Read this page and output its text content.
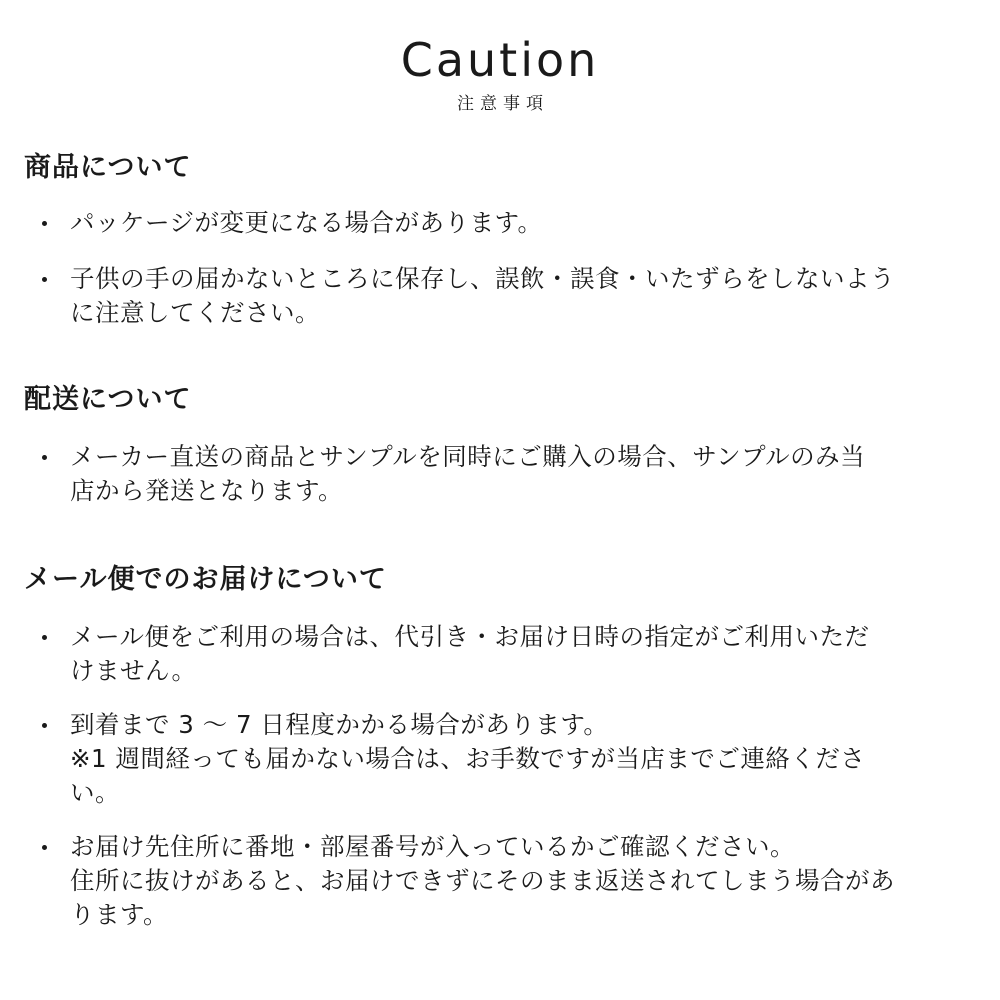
Caution
注意事項
商品について
パッケージが変更になる場合があります。
子供の手の届かないところに保存し、誤飲・誤食・いたずらをしないよう
に注意してください。
配送について
メーカー直送の商品とサンプルを同時にご購入の場合、サンプルのみ当
店から発送となります。
メール便でのお届けについて
メール便をご利用の場合は、代引き・お届け日時の指定がご利用いただ
けません。
到着まで 3 〜 7 日程度かかる場合があります。
※1 週間経っても届かない場合は、お手数ですが当店までご連絡くださ
い。
お届け先住所に番地・部屋番号が入っているかご確認ください。
住所に抜けがあると、お届けできずにそのまま返送されてしまう場合があ
ります。
